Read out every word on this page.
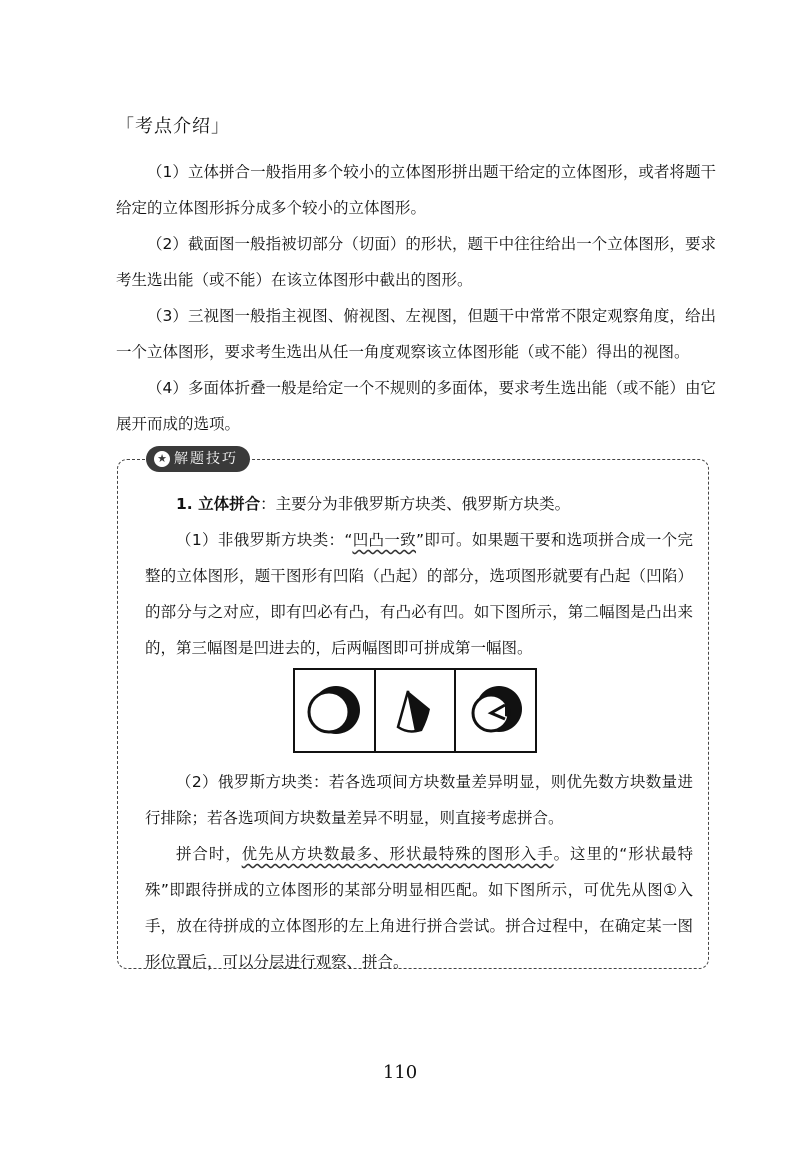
「考点介绍」

（1）立体拼合一般指用多个较小的立体图形拼出题干给定的立体图形，或者将题干给定的立体图形拆分成多个较小的立体图形。

（2）截面图一般指被切部分（切面）的形状，题干中往往给出一个立体图形，要求考生选出能（或不能）在该立体图形中截出的图形。

（3）三视图一般指主视图、俯视图、左视图，但题干中常常不限定观察角度，给出一个立体图形，要求考生选出从任一角度观察该立体图形能（或不能）得出的视图。

（4）多面体折叠一般是给定一个不规则的多面体，要求考生选出能（或不能）由它展开而成的选项。

★ 解题技巧

1. 立体拼合：主要分为非俄罗斯方块类、俄罗斯方块类。

（1）非俄罗斯方块类：“凹凸一致”即可。如果题干要和选项拼合成一个完整的立体图形，题干图形有凹陷（凸起）的部分，选项图形就要有凸起（凹陷）的部分与之对应，即有凹必有凸，有凸必有凹。如下图所示，第二幅图是凸出来的，第三幅图是凹进去的，后两幅图即可拼成第一幅图。

（2）俄罗斯方块类：若各选项间方块数量差异明显，则优先数方块数量进行排除；若各选项间方块数量差异不明显，则直接考虑拼合。

拼合时，优先从方块数最多、形状最特殊的图形入手。这里的“形状最特殊”即跟待拼成的立体图形的某部分明显相匹配。如下图所示，可优先从图①入手，放在待拼成的立体图形的左上角进行拼合尝试。拼合过程中，在确定某一图形位置后，可以分层进行观察、拼合。

110
